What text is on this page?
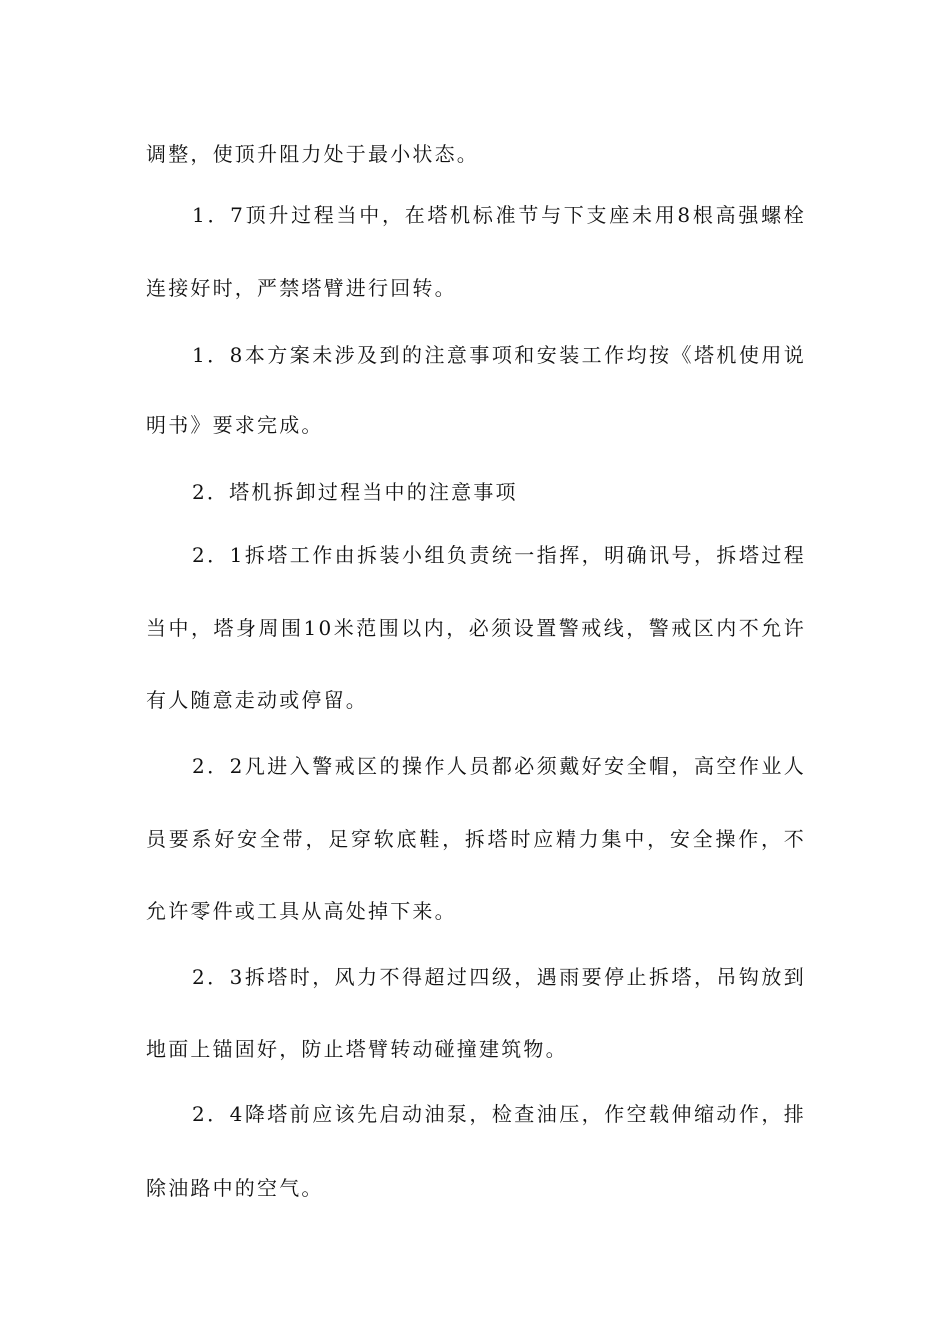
调整，使顶升阻力处于最小状态。
1．7顶升过程当中，在塔机标准节与下支座未用8根高强螺栓
连接好时，严禁塔臂进行回转。
1．8本方案未涉及到的注意事项和安装工作均按《塔机使用说
明书》要求完成。
2．塔机拆卸过程当中的注意事项
2．1拆塔工作由拆装小组负责统一指挥，明确讯号，拆塔过程
当中，塔身周围10米范围以内，必须设置警戒线，警戒区内不允许
有人随意走动或停留。
2．2凡进入警戒区的操作人员都必须戴好安全帽，高空作业人
员要系好安全带，足穿软底鞋，拆塔时应精力集中，安全操作，不
允许零件或工具从高处掉下来。
2．3拆塔时，风力不得超过四级，遇雨要停止拆塔，吊钩放到
地面上锚固好，防止塔臂转动碰撞建筑物。
2．4降塔前应该先启动油泵，检查油压，作空载伸缩动作，排
除油路中的空气。
